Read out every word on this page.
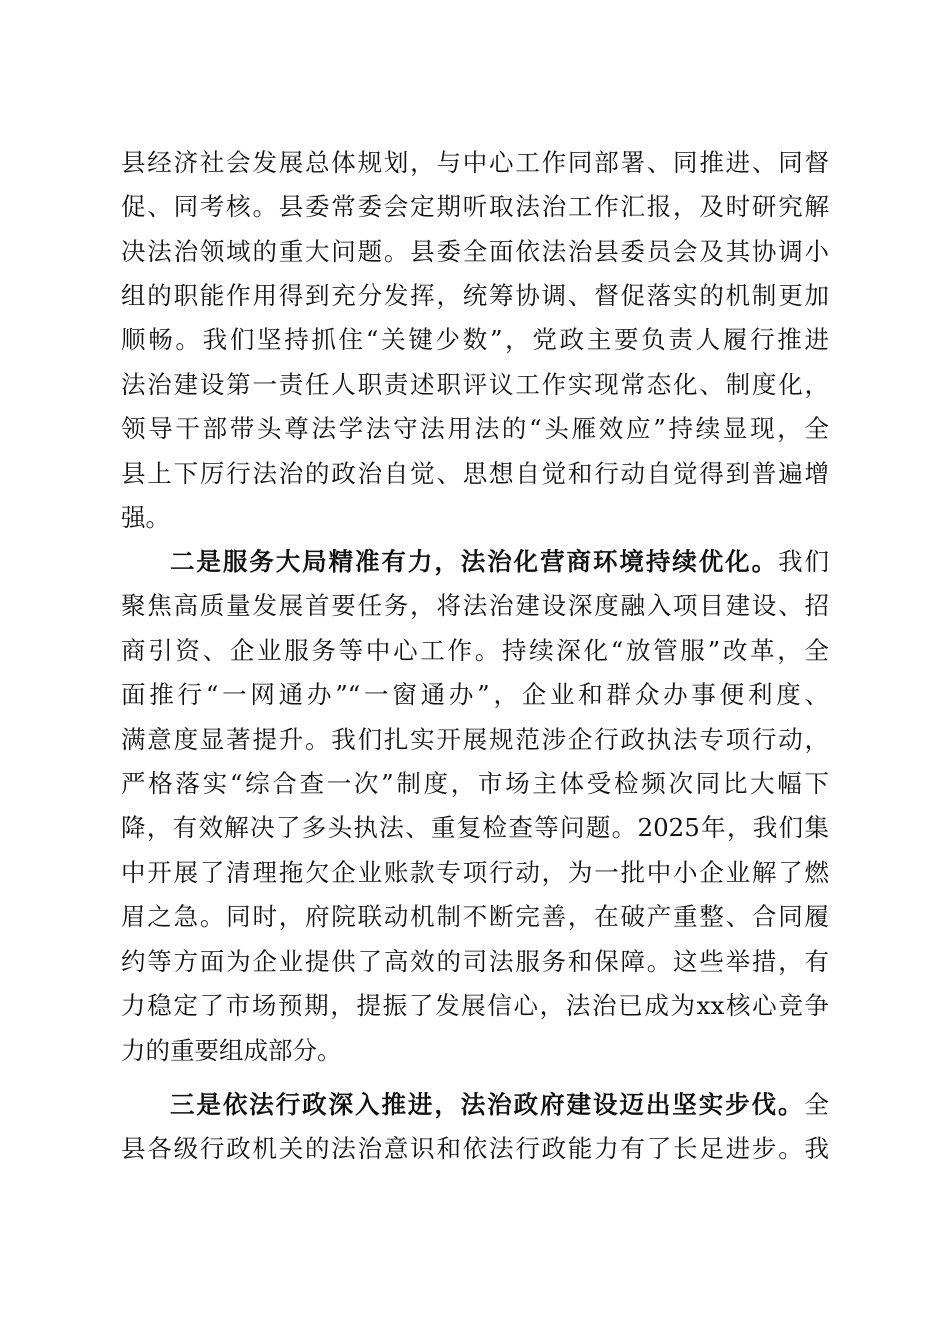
县经济社会发展总体规划，与中心工作同部署、同推进、同督
促、同考核。县委常委会定期听取法治工作汇报，及时研究解
决法治领域的重大问题。县委全面依法治县委员会及其协调小
组的职能作用得到充分发挥，统筹协调、督促落实的机制更加
顺畅。我们坚持抓住“关键少数”，党政主要负责人履行推进
法治建设第一责任人职责述职评议工作实现常态化、制度化，
领导干部带头尊法学法守法用法的“头雁效应”持续显现，全
县上下厉行法治的政治自觉、思想自觉和行动自觉得到普遍增
强。
二是服务大局精准有力，法治化营商环境持续优化。我们
聚焦高质量发展首要任务，将法治建设深度融入项目建设、招
商引资、企业服务等中心工作。持续深化“放管服”改革，全
面推行“一网通办”“一窗通办”，企业和群众办事便利度、
满意度显著提升。我们扎实开展规范涉企行政执法专项行动，
严格落实“综合查一次”制度，市场主体受检频次同比大幅下
降，有效解决了多头执法、重复检查等问题。2025年，我们集
中开展了清理拖欠企业账款专项行动，为一批中小企业解了燃
眉之急。同时，府院联动机制不断完善，在破产重整、合同履
约等方面为企业提供了高效的司法服务和保障。这些举措，有
力稳定了市场预期，提振了发展信心，法治已成为xx核心竞争
力的重要组成部分。
三是依法行政深入推进，法治政府建设迈出坚实步伐。全
县各级行政机关的法治意识和依法行政能力有了长足进步。我
